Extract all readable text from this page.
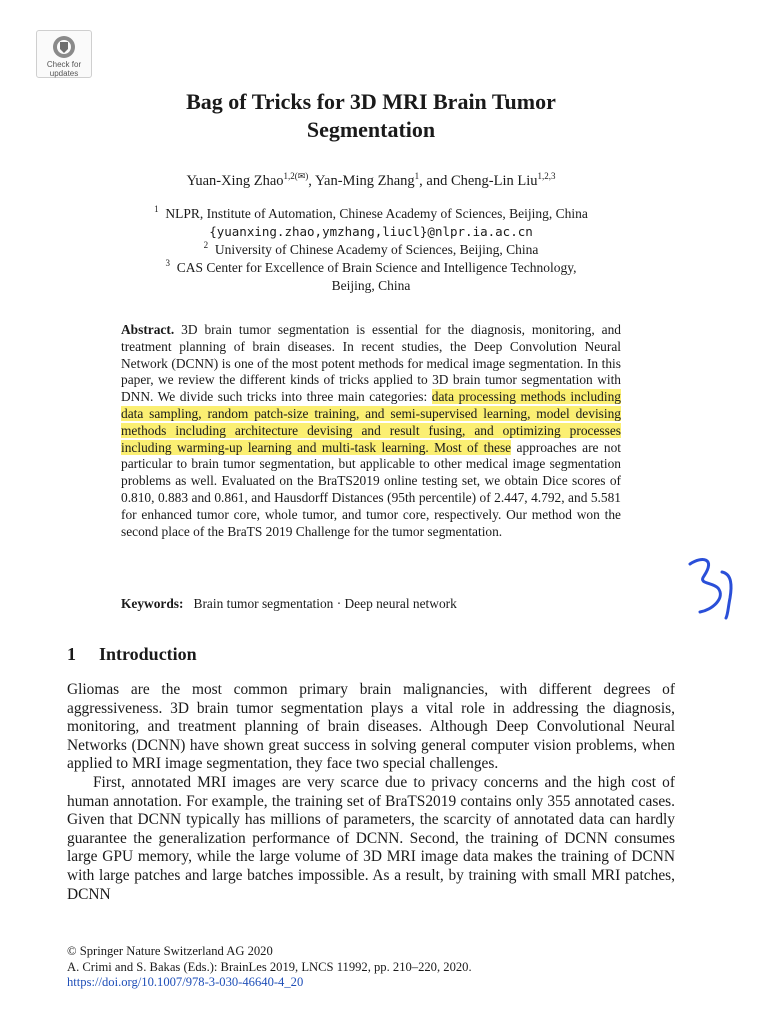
Check for
updates
Bag of Tricks for 3D MRI Brain Tumor
Segmentation
Yuan-Xing Zhao$^{1,2(✉)}$, Yan-Ming Zhang$^1$, and Cheng-Lin Liu$^{1,2,3}$
$^1$ NLPR, Institute of Automation, Chinese Academy of Sciences, Beijing, China
{yuanxing.zhao,ymzhang,liucl}@nlpr.ia.ac.cn
$^2$ University of Chinese Academy of Sciences, Beijing, China
$^3$ CAS Center for Excellence of Brain Science and Intelligence Technology,
Beijing, China
Abstract. 3D brain tumor segmentation is essential for the diagnosis, monitoring, and treatment planning of brain diseases. In recent studies, the Deep Convolution Neural Network (DCNN) is one of the most potent methods for medical image segmentation. In this paper, we review the different kinds of tricks applied to 3D brain tumor segmentation with DNN. We divide such tricks into three main categories: data processing methods including data sampling, random patch-size training, and semi-supervised learning, model devising methods including architecture devising and result fusing, and optimizing processes including warming-up learning and multi-task learning. Most of these approaches are not particular to brain tumor segmentation, but applicable to other medical image segmentation problems as well. Evaluated on the BraTS2019 online testing set, we obtain Dice scores of 0.810, 0.883 and 0.861, and Hausdorff Distances (95th percentile) of 2.447, 4.792, and 5.581 for enhanced tumor core, whole tumor, and tumor core, respectively. Our method won the second place of the BraTS 2019 Challenge for the tumor segmentation.
Keywords: Brain tumor segmentation · Deep neural network
1 Introduction

Gliomas are the most common primary brain malignancies, with different degrees of aggressiveness. 3D brain tumor segmentation plays a vital role in addressing the diagnosis, monitoring, and treatment planning of brain diseases. Although Deep Convolutional Neural Networks (DCNN) have shown great success in solving general computer vision problems, when applied to MRI image segmentation, they face two special challenges.

First, annotated MRI images are very scarce due to privacy concerns and the high cost of human annotation. For example, the training set of BraTS2019 contains only 355 annotated cases. Given that DCNN typically has millions of parameters, the scarcity of annotated data can hardly guarantee the generalization performance of DCNN. Second, the training of DCNN consumes large GPU memory, while the large volume of 3D MRI image data makes the training of DCNN with large patches and large batches impossible. As a result, by training with small MRI patches, DCNN

© Springer Nature Switzerland AG 2020
A. Crimi and S. Bakas (Eds.): BrainLes 2019, LNCS 11992, pp. 210–220, 2020.
https://doi.org/10.1007/978-3-030-46640-4_20
